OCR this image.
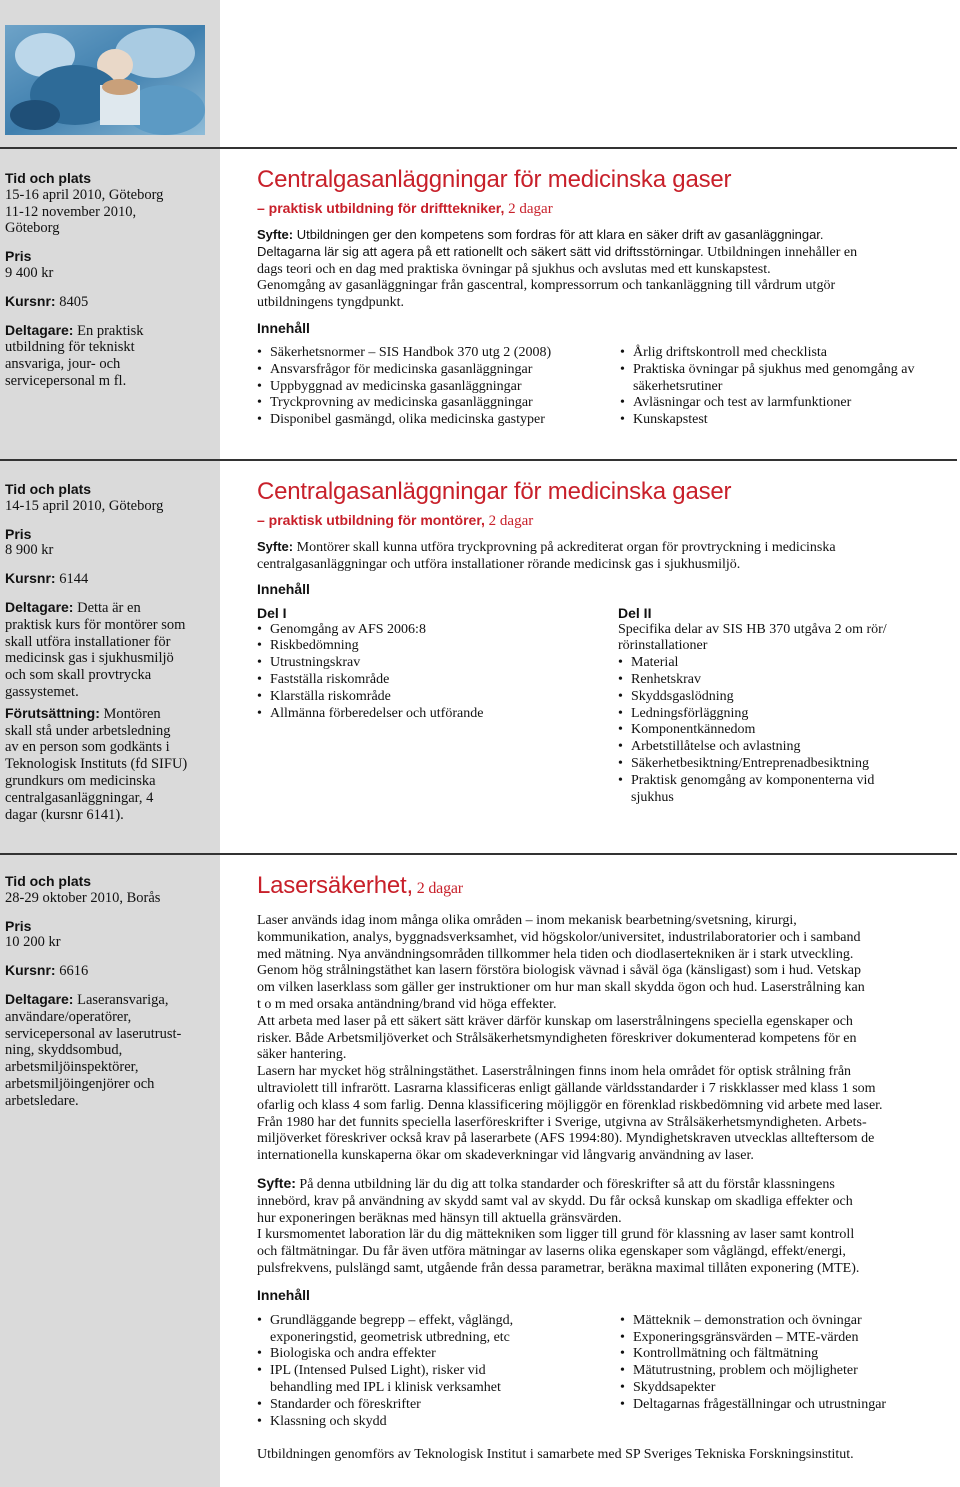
Tid och plats
15-16 april 2010, Göteborg
11-12 november 2010,
Göteborg
Pris
9 400 kr
Kursnr: 8405
Deltagare: En praktisk
utbildning för tekniskt
ansvariga, jour- och
servicepersonal m fl.
Centralgasanläggningar för medicinska gaser
– praktisk utbildning för drifttekniker, 2 dagar
Syfte: Utbildningen ger den kompetens som fordras för att klara en säker drift av gasanläggningar.
Deltagarna lär sig att agera på ett rationellt och säkert sätt vid driftsstörningar. Utbildningen innehåller en
dags teori och en dag med praktiska övningar på sjukhus och avslutas med ett kunskapstest.
Genomgång av gasanläggningar från gascentral, kompressorrum och tankanläggning till vårdrum utgör
utbildningens tyngdpunkt.
Innehåll
• Säkerhetsnormer – SIS Handbok 370 utg 2 (2008)
• Ansvarsfrågor för medicinska gasanläggningar
• Uppbyggnad av medicinska gasanläggningar
• Tryckprovning av medicinska gasanläggningar
• Disponibel gasmängd, olika medicinska gastyper
• Årlig driftskontroll med checklista
• Praktiska övningar på sjukhus med genomgång av säkerhetsrutiner
• Avläsningar och test av larmfunktioner
• Kunskapstest
Tid och plats
14-15 april 2010, Göteborg
Pris
8 900 kr
Kursnr: 6144
Deltagare: Detta är en
praktisk kurs för montörer som
skall utföra installationer för
medicinsk gas i sjukhusmiljö
och som skall provtrycka
gassystemet.
Förutsättning: Montören
skall stå under arbetsledning
av en person som godkänts i
Teknologisk Instituts (fd SIFU)
grundkurs om medicinska
centralgasanläggningar, 4
dagar (kursnr 6141).
Centralgasanläggningar för medicinska gaser
– praktisk utbildning för montörer, 2 dagar
Syfte: Montörer skall kunna utföra tryckprovning på ackrediterat organ för provtryckning i medicinska
centralgasanläggningar och utföra installationer rörande medicinsk gas i sjukhusmiljö.
Innehåll
Del I
• Genomgång av AFS 2006:8
• Riskbedömning
• Utrustningskrav
• Fastställa riskområde
• Klarställa riskområde
• Allmänna förberedelser och utförande
Del II
Specifika delar av SIS HB 370 utgåva 2 om rör/
rörinstallationer
• Material
• Renhetskrav
• Skyddsgaslödning
• Ledningsförläggning
• Komponentkännedom
• Arbetstillåtelse och avlastning
• Säkerhetbesiktning/Entreprenadbesiktning
• Praktisk genomgång av komponenterna vid sjukhus
Tid och plats
28-29 oktober 2010, Borås
Pris
10 200 kr
Kursnr: 6616
Deltagare: Laseransvariga,
användare/operatörer,
servicepersonal av laserutrust-
ning, skyddsombud,
arbetsmiljöinspektörer,
arbetsmiljöingenjörer och
arbetsledare.
Lasersäkerhet, 2 dagar
Laser används idag inom många olika områden – inom mekanisk bearbetning/svetsning, kirurgi,
kommunikation, analys, byggnadsverksamhet, vid högskolor/universitet, industrilaboratorier och i samband
med mätning. Nya användningsområden tillkommer hela tiden och diodlasertekniken är i stark utveckling.
Genom hög strålningstäthet kan lasern förstöra biologisk vävnad i såväl öga (känsligast) som i hud. Vetskap
om vilken laserklass som gäller ger instruktioner om hur man skall skydda ögon och hud. Laserstrålning kan
t o m med orsaka antändning/brand vid höga effekter.
Att arbeta med laser på ett säkert sätt kräver därför kunskap om laserstrålningens speciella egenskaper och
risker. Både Arbetsmiljöverket och Strålsäkerhetsmyndigheten föreskriver dokumenterad kompetens för en
säker hantering.
Lasern har mycket hög strålningstäthet. Laserstrålningen finns inom hela området för optisk strålning från
ultraviolett till infrarött. Lasrarna klassificeras enligt gällande världsstandarder i 7 riskklasser med klass 1 som
ofarlig och klass 4 som farlig. Denna klassificering möjliggör en förenklad riskbedömning vid arbete med laser.
Från 1980 har det funnits speciella laserföreskrifter i Sverige, utgivna av Strålsäkerhetsmyndigheten. Arbets-
miljöverket föreskriver också krav på laserarbete (AFS 1994:80). Myndighetskraven utvecklas allteftersom de
internationella kunskaperna ökar om skadeverkningar vid långvarig användning av laser.
Syfte: På denna utbildning lär du dig att tolka standarder och föreskrifter så att du förstår klassningens
innebörd, krav på användning av skydd samt val av skydd. Du får också kunskap om skadliga effekter och
hur exponeringen beräknas med hänsyn till aktuella gränsvärden.
I kursmomentet laboration lär du dig mättekniken som ligger till grund för klassning av laser samt kontroll
och fältmätningar. Du får även utföra mätningar av laserns olika egenskaper som våglängd, effekt/energi,
pulsfrekvens, pulslängd samt, utgående från dessa parametrar, beräkna maximal tillåten exponering (MTE).
Innehåll
• Grundläggande begrepp – effekt, våglängd, exponeringstid, geometrisk utbredning, etc
• Biologiska och andra effekter
• IPL (Intensed Pulsed Light), risker vid behandling med IPL i klinisk verksamhet
• Standarder och föreskrifter
• Klassning och skydd
• Mätteknik – demonstration och övningar
• Exponeringsgränsvärden – MTE-värden
• Kontrollmätning och fältmätning
• Mätutrustning, problem och möjligheter
• Skyddsapekter
• Deltagarnas frågeställningar och utrustningar
Utbildningen genomförs av Teknologisk Institut i samarbete med SP Sveriges Tekniska Forskningsinstitut.
